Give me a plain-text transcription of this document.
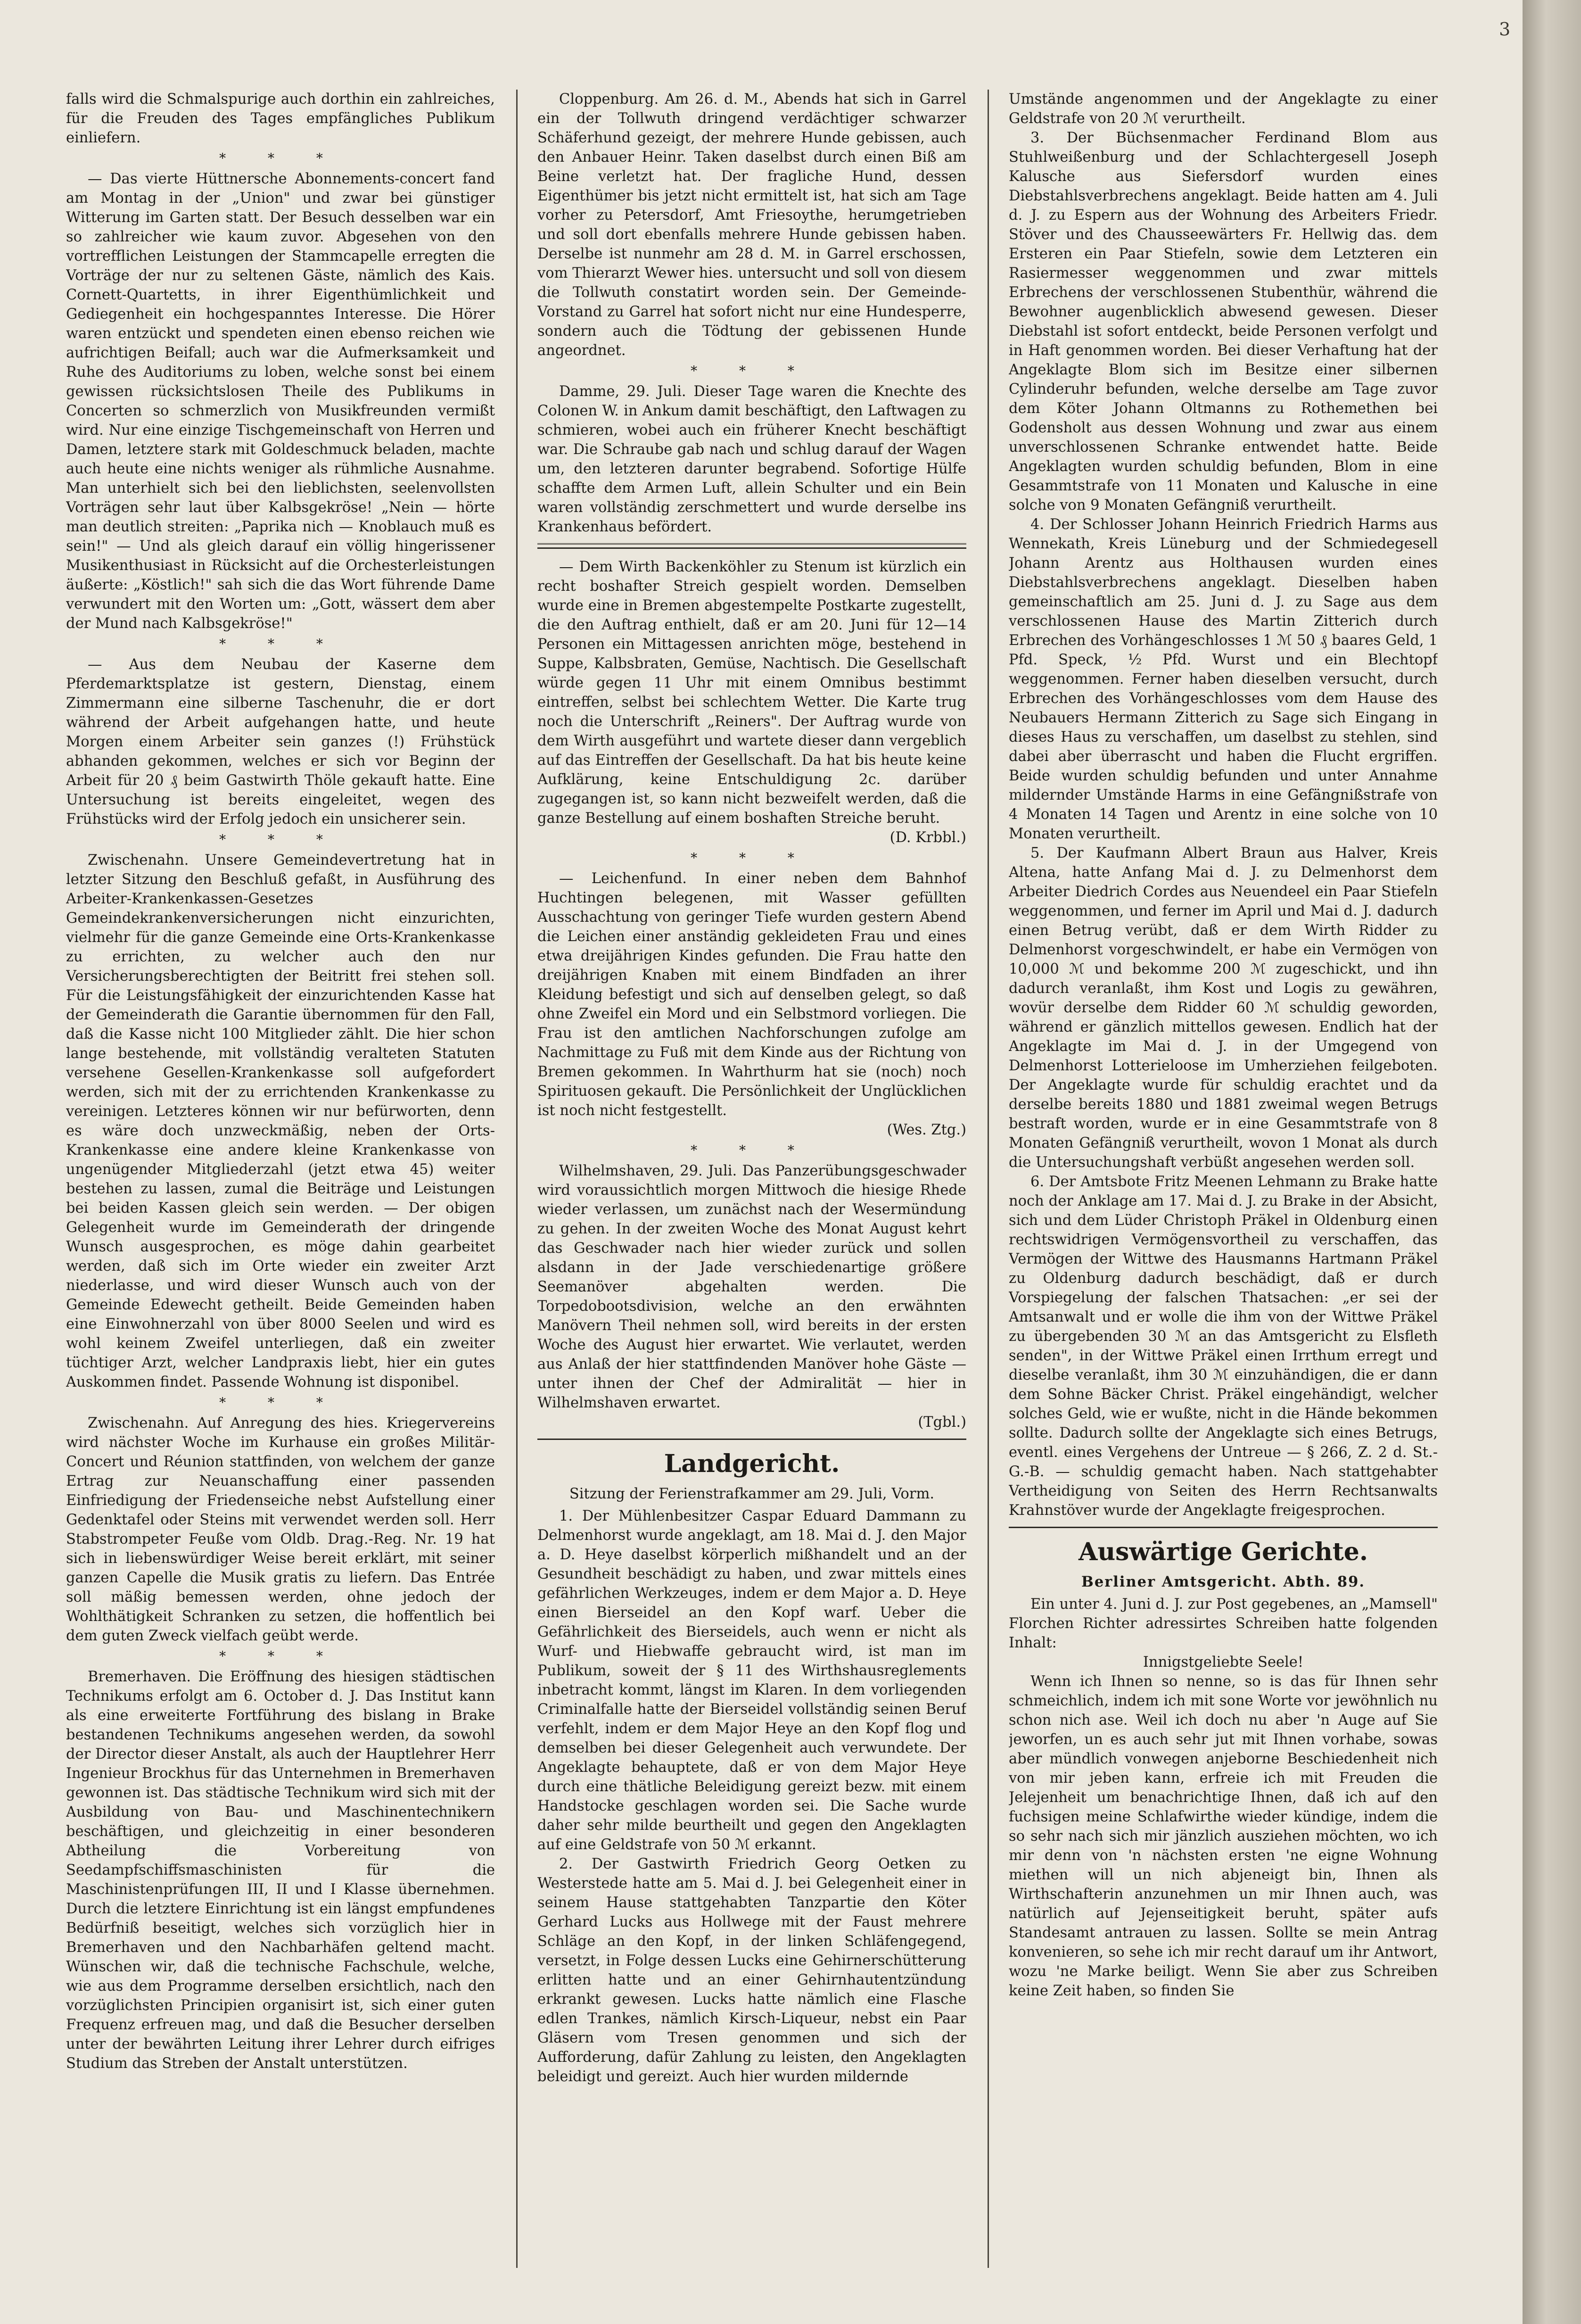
3

falls wird die Schmalspurige auch dorthin ein zahlreiches, für die Freuden des Tages empfängliches Publikum einliefern.

* * *

— Das vierte Hüttnersche Abonnements-concert fand am Montag in der „Union" und zwar bei günstiger Witterung im Garten statt. Der Besuch desselben war ein so zahlreicher wie kaum zuvor. Abgesehen von den vortrefflichen Leistungen der Stammcapelle erregten die Vorträge der nur zu seltenen Gäste, nämlich des Kais. Cornett-Quartetts, in ihrer Eigenthümlichkeit und Gediegenheit ein hochgespanntes Interesse. Die Hörer waren entzückt und spendeten einen ebenso reichen wie aufrichtigen Beifall; auch war die Aufmerksamkeit und Ruhe des Auditoriums zu loben, welche sonst bei einem gewissen rücksichtslosen Theile des Publikums in Concerten so schmerzlich von Musikfreunden vermißt wird. Nur eine einzige Tischgemeinschaft von Herren und Damen, letztere stark mit Goldeschmuck beladen, machte auch heute eine nichts weniger als rühmliche Ausnahme. Man unterhielt sich bei den lieblichsten, seelenvollsten Vorträgen sehr laut über Kalbsgekröse! „Nein — hörte man deutlich streiten: „Paprika nich — Knoblauch muß es sein!" — Und als gleich darauf ein völlig hingerissener Musikenthusiast in Rücksicht auf die Orchesterleistungen äußerte: „Köstlich!" sah sich die das Wort führende Dame verwundert mit den Worten um: „Gott, wässert dem aber der Mund nach Kalbsgekröse!"

* * *

— Aus dem Neubau der Kaserne dem Pferdemarktsplatze ist gestern, Dienstag, einem Zimmermann eine silberne Taschenuhr, die er dort während der Arbeit aufgehangen hatte, und heute Morgen einem Arbeiter sein ganzes (!) Frühstück abhanden gekommen, welches er sich vor Beginn der Arbeit für 20 ₰ beim Gastwirth Thöle gekauft hatte. Eine Untersuchung ist bereits eingeleitet, wegen des Frühstücks wird der Erfolg jedoch ein unsicherer sein.

* * *

Zwischenahn. Unsere Gemeindevertretung hat in letzter Sitzung den Beschluß gefaßt, in Ausführung des Arbeiter-Krankenkassen-Gesetzes Gemeindekrankenversicherungen nicht einzurichten, vielmehr für die ganze Gemeinde eine Orts-Krankenkasse zu errichten, zu welcher auch den nur Versicherungsberechtigten der Beitritt frei stehen soll. Für die Leistungsfähigkeit der einzurichtenden Kasse hat der Gemeinderath die Garantie übernommen für den Fall, daß die Kasse nicht 100 Mitglieder zählt. Die hier schon lange bestehende, mit vollständig veralteten Statuten versehene Gesellen-Krankenkasse soll aufgefordert werden, sich mit der zu errichtenden Krankenkasse zu vereinigen. Letzteres können wir nur befürworten, denn es wäre doch unzweckmäßig, neben der Orts-Krankenkasse eine andere kleine Krankenkasse von ungenügender Mitgliederzahl (jetzt etwa 45) weiter bestehen zu lassen, zumal die Beiträge und Leistungen bei beiden Kassen gleich sein werden. — Der obigen Gelegenheit wurde im Gemeinderath der dringende Wunsch ausgesprochen, es möge dahin gearbeitet werden, daß sich im Orte wieder ein zweiter Arzt niederlasse, und wird dieser Wunsch auch von der Gemeinde Edewecht getheilt. Beide Gemeinden haben eine Einwohnerzahl von über 8000 Seelen und wird es wohl keinem Zweifel unterliegen, daß ein zweiter tüchtiger Arzt, welcher Landpraxis liebt, hier ein gutes Auskommen findet. Passende Wohnung ist disponibel.

* * *

Zwischenahn. Auf Anregung des hies. Kriegervereins wird nächster Woche im Kurhause ein großes Militär-Concert und Réunion stattfinden, von welchem der ganze Ertrag zur Neuanschaffung einer passenden Einfriedigung der Friedenseiche nebst Aufstellung einer Gedenktafel oder Steins mit verwendet werden soll. Herr Stabstrompeter Feuße vom Oldb. Drag.-Reg. Nr. 19 hat sich in liebenswürdiger Weise bereit erklärt, mit seiner ganzen Capelle die Musik gratis zu liefern. Das Entrée soll mäßig bemessen werden, ohne jedoch der Wohlthätigkeit Schranken zu setzen, die hoffentlich bei dem guten Zweck vielfach geübt werde.

* * *

Bremerhaven. Die Eröffnung des hiesigen städtischen Technikums erfolgt am 6. October d. J. Das Institut kann als eine erweiterte Fortführung des bislang in Brake bestandenen Technikums angesehen werden, da sowohl der Director dieser Anstalt, als auch der Hauptlehrer Herr Ingenieur Brockhus für das Unternehmen in Bremerhaven gewonnen ist. Das städtische Technikum wird sich mit der Ausbildung von Bau- und Maschinentechnikern beschäftigen, und gleichzeitig in einer besonderen Abtheilung die Vorbereitung von Seedampfschiffsmaschinisten für die Maschinistenprüfungen III, II und I Klasse übernehmen. Durch die letztere Einrichtung ist ein längst empfundenes Bedürfniß beseitigt, welches sich vorzüglich hier in Bremerhaven und den Nachbarhäfen geltend macht. Wünschen wir, daß die technische Fachschule, welche, wie aus dem Programme derselben ersichtlich, nach den vorzüglichsten Principien organisirt ist, sich einer guten Frequenz erfreuen mag, und daß die Besucher derselben unter der bewährten Leitung ihrer Lehrer durch eifriges Studium das Streben der Anstalt unterstützen.

Cloppenburg. Am 26. d. M., Abends hat sich in Garrel ein der Tollwuth dringend verdächtiger schwarzer Schäferhund gezeigt, der mehrere Hunde gebissen, auch den Anbauer Heinr. Taken daselbst durch einen Biß am Beine verletzt hat. Der fragliche Hund, dessen Eigenthümer bis jetzt nicht ermittelt ist, hat sich am Tage vorher zu Petersdorf, Amt Friesoythe, herumgetrieben und soll dort ebenfalls mehrere Hunde gebissen haben. Derselbe ist nunmehr am 28 d. M. in Garrel erschossen, vom Thierarzt Wewer hies. untersucht und soll von diesem die Tollwuth constatirt worden sein. Der Gemeinde-Vorstand zu Garrel hat sofort nicht nur eine Hundesperre, sondern auch die Tödtung der gebissenen Hunde angeordnet.

* * *

Damme, 29. Juli. Dieser Tage waren die Knechte des Colonen W. in Ankum damit beschäftigt, den Laftwagen zu schmieren, wobei auch ein früherer Knecht beschäftigt war. Die Schraube gab nach und schlug darauf der Wagen um, den letzteren darunter begrabend. Sofortige Hülfe schaffte dem Armen Luft, allein Schulter und ein Bein waren vollständig zerschmettert und wurde derselbe ins Krankenhaus befördert.

— Dem Wirth Backenköhler zu Stenum ist kürzlich ein recht boshafter Streich gespielt worden. Demselben wurde eine in Bremen abgestempelte Postkarte zugestellt, die den Auftrag enthielt, daß er am 20. Juni für 12—14 Personen ein Mittagessen anrichten möge, bestehend in Suppe, Kalbsbraten, Gemüse, Nachtisch. Die Gesellschaft würde gegen 11 Uhr mit einem Omnibus bestimmt eintreffen, selbst bei schlechtem Wetter. Die Karte trug noch die Unterschrift „Reiners". Der Auftrag wurde von dem Wirth ausgeführt und wartete dieser dann vergeblich auf das Eintreffen der Gesellschaft. Da hat bis heute keine Aufklärung, keine Entschuldigung 2c. darüber zugegangen ist, so kann nicht bezweifelt werden, daß die ganze Bestellung auf einem boshaften Streiche beruht.

(D. Krbbl.)
* * *

— Leichenfund. In einer neben dem Bahnhof Huchtingen belegenen, mit Wasser gefüllten Ausschachtung von geringer Tiefe wurden gestern Abend die Leichen einer anständig gekleideten Frau und eines etwa dreijährigen Kindes gefunden. Die Frau hatte den dreijährigen Knaben mit einem Bindfaden an ihrer Kleidung befestigt und sich auf denselben gelegt, so daß ohne Zweifel ein Mord und ein Selbstmord vorliegen. Die Frau ist den amtlichen Nachforschungen zufolge am Nachmittage zu Fuß mit dem Kinde aus der Richtung von Bremen gekommen. In Wahrthurm hat sie (noch) noch Spirituosen gekauft. Die Persönlichkeit der Unglücklichen ist noch nicht festgestellt.

(Wes. Ztg.)
* * *

Wilhelmshaven, 29. Juli. Das Panzerübungsgeschwader wird voraussichtlich morgen Mittwoch die hiesige Rhede wieder verlassen, um zunächst nach der Wesermündung zu gehen. In der zweiten Woche des Monat August kehrt das Geschwader nach hier wieder zurück und sollen alsdann in der Jade verschiedenartige größere Seemanöver abgehalten werden. Die Torpedobootsdivision, welche an den erwähnten Manövern Theil nehmen soll, wird bereits in der ersten Woche des August hier erwartet. Wie verlautet, werden aus Anlaß der hier stattfindenden Manöver hohe Gäste — unter ihnen der Chef der Admiralität — hier in Wilhelmshaven erwartet.

(Tgbl.)
Landgericht.
Sitzung der Ferienstrafkammer am 29. Juli, Vorm.

1. Der Mühlenbesitzer Caspar Eduard Dammann zu Delmenhorst wurde angeklagt, am 18. Mai d. J. den Major a. D. Heye daselbst körperlich mißhandelt und an der Gesundheit beschädigt zu haben, und zwar mittels eines gefährlichen Werkzeuges, indem er dem Major a. D. Heye einen Bierseidel an den Kopf warf. Ueber die Gefährlichkeit des Bierseidels, auch wenn er nicht als Wurf- und Hiebwaffe gebraucht wird, ist man im Publikum, soweit der § 11 des Wirthshausreglements inbetracht kommt, längst im Klaren. In dem vorliegenden Criminalfalle hatte der Bierseidel vollständig seinen Beruf verfehlt, indem er dem Major Heye an den Kopf flog und demselben bei dieser Gelegenheit auch verwundete. Der Angeklagte behauptete, daß er von dem Major Heye durch eine thätliche Beleidigung gereizt bezw. mit einem Handstocke geschlagen worden sei. Die Sache wurde daher sehr milde beurtheilt und gegen den Angeklagten auf eine Geldstrafe von 50 ℳ erkannt.

2. Der Gastwirth Friedrich Georg Oetken zu Westerstede hatte am 5. Mai d. J. bei Gelegenheit einer in seinem Hause stattgehabten Tanzpartie den Köter Gerhard Lucks aus Hollwege mit der Faust mehrere Schläge an den Kopf, in der linken Schläfengegend, versetzt, in Folge dessen Lucks eine Gehirnerschütterung erlitten hatte und an einer Gehirnhautentzündung erkrankt gewesen. Lucks hatte nämlich eine Flasche edlen Trankes, nämlich Kirsch-Liqueur, nebst ein Paar Gläsern vom Tresen genommen und sich der Aufforderung, dafür Zahlung zu leisten, den Angeklagten beleidigt und gereizt. Auch hier wurden mildernde

Umstände angenommen und der Angeklagte zu einer Geldstrafe von 20 ℳ verurtheilt.

3. Der Büchsenmacher Ferdinand Blom aus Stuhlweißenburg und der Schlachtergesell Joseph Kalusche aus Siefersdorf wurden eines Diebstahlsverbrechens angeklagt. Beide hatten am 4. Juli d. J. zu Espern aus der Wohnung des Arbeiters Friedr. Stöver und des Chausseewärters Fr. Hellwig das. dem Ersteren ein Paar Stiefeln, sowie dem Letzteren ein Rasiermesser weggenommen und zwar mittels Erbrechens der verschlossenen Stubenthür, während die Bewohner augenblicklich abwesend gewesen. Dieser Diebstahl ist sofort entdeckt, beide Personen verfolgt und in Haft genommen worden. Bei dieser Verhaftung hat der Angeklagte Blom sich im Besitze einer silbernen Cylinderuhr befunden, welche derselbe am Tage zuvor dem Köter Johann Oltmanns zu Rothemethen bei Godensholt aus dessen Wohnung und zwar aus einem unverschlossenen Schranke entwendet hatte. Beide Angeklagten wurden schuldig befunden, Blom in eine Gesammtstrafe von 11 Monaten und Kalusche in eine solche von 9 Monaten Gefängniß verurtheilt.

4. Der Schlosser Johann Heinrich Friedrich Harms aus Wennekath, Kreis Lüneburg und der Schmiedegesell Johann Arentz aus Holthausen wurden eines Diebstahlsverbrechens angeklagt. Dieselben haben gemeinschaftlich am 25. Juni d. J. zu Sage aus dem verschlossenen Hause des Martin Zitterich durch Erbrechen des Vorhängeschlosses 1 ℳ 50 ₰ baares Geld, 1 Pfd. Speck, ½ Pfd. Wurst und ein Blechtopf weggenommen. Ferner haben dieselben versucht, durch Erbrechen des Vorhängeschlosses vom dem Hause des Neubauers Hermann Zitterich zu Sage sich Eingang in dieses Haus zu verschaffen, um daselbst zu stehlen, sind dabei aber überrascht und haben die Flucht ergriffen. Beide wurden schuldig befunden und unter Annahme mildernder Umstände Harms in eine Gefängnißstrafe von 4 Monaten 14 Tagen und Arentz in eine solche von 10 Monaten verurtheilt.

5. Der Kaufmann Albert Braun aus Halver, Kreis Altena, hatte Anfang Mai d. J. zu Delmenhorst dem Arbeiter Diedrich Cordes aus Neuendeel ein Paar Stiefeln weggenommen, und ferner im April und Mai d. J. dadurch einen Betrug verübt, daß er dem Wirth Ridder zu Delmenhorst vorgeschwindelt, er habe ein Vermögen von 10,000 ℳ und bekomme 200 ℳ zugeschickt, und ihn dadurch veranlaßt, ihm Kost und Logis zu gewähren, wovür derselbe dem Ridder 60 ℳ schuldig geworden, während er gänzlich mittellos gewesen. Endlich hat der Angeklagte im Mai d. J. in der Umgegend von Delmenhorst Lotterieloose im Umherziehen feilgeboten. Der Angeklagte wurde für schuldig erachtet und da derselbe bereits 1880 und 1881 zweimal wegen Betrugs bestraft worden, wurde er in eine Gesammtstrafe von 8 Monaten Gefängniß verurtheilt, wovon 1 Monat als durch die Untersuchungshaft verbüßt angesehen werden soll.

6. Der Amtsbote Fritz Meenen Lehmann zu Brake hatte noch der Anklage am 17. Mai d. J. zu Brake in der Absicht, sich und dem Lüder Christoph Präkel in Oldenburg einen rechtswidrigen Vermögensvortheil zu verschaffen, das Vermögen der Wittwe des Hausmanns Hartmann Präkel zu Oldenburg dadurch beschädigt, daß er durch Vorspiegelung der falschen Thatsachen: „er sei der Amtsanwalt und er wolle die ihm von der Wittwe Präkel zu übergebenden 30 ℳ an das Amtsgericht zu Elsfleth senden", in der Wittwe Präkel einen Irrthum erregt und dieselbe veranlaßt, ihm 30 ℳ einzuhändigen, die er dann dem Sohne Bäcker Christ. Präkel eingehändigt, welcher solches Geld, wie er wußte, nicht in die Hände bekommen sollte. Dadurch sollte der Angeklagte sich eines Betrugs, eventl. eines Vergehens der Untreue — § 266, Z. 2 d. St.-G.-B. — schuldig gemacht haben. Nach stattgehabter Vertheidigung von Seiten des Herrn Rechtsanwalts Krahnstöver wurde der Angeklagte freigesprochen.

Auswärtige Gerichte.
Berliner Amtsgericht. Abth. 89.

Ein unter 4. Juni d. J. zur Post gegebenes, an „Mamsell" Florchen Richter adressirtes Schreiben hatte folgenden Inhalt:

Innigstgeliebte Seele!

Wenn ich Ihnen so nenne, so is das für Ihnen sehr schmeichlich, indem ich mit sone Worte vor jewöhnlich nu schon nich ase. Weil ich doch nu aber 'n Auge auf Sie jeworfen, un es auch sehr jut mit Ihnen vorhabe, sowas aber mündlich vonwegen anjeborne Beschiedenheit nich von mir jeben kann, erfreie ich mit Freuden die Jelejenheit um benachrichtige Ihnen, daß ich auf den fuchsigen meine Schlafwirthe wieder kündige, indem die so sehr nach sich mir jänzlich ausziehen möchten, wo ich mir denn von 'n nächsten ersten 'ne eigne Wohnung miethen will un nich abjeneigt bin, Ihnen als Wirthschafterin anzunehmen un mir Ihnen auch, was natürlich auf Jejenseitigkeit beruht, später aufs Standesamt antrauen zu lassen. Sollte se mein Antrag konvenieren, so sehe ich mir recht darauf um ihr Antwort, wozu 'ne Marke beiligt. Wenn Sie aber zus Schreiben keine Zeit haben, so finden Sie
